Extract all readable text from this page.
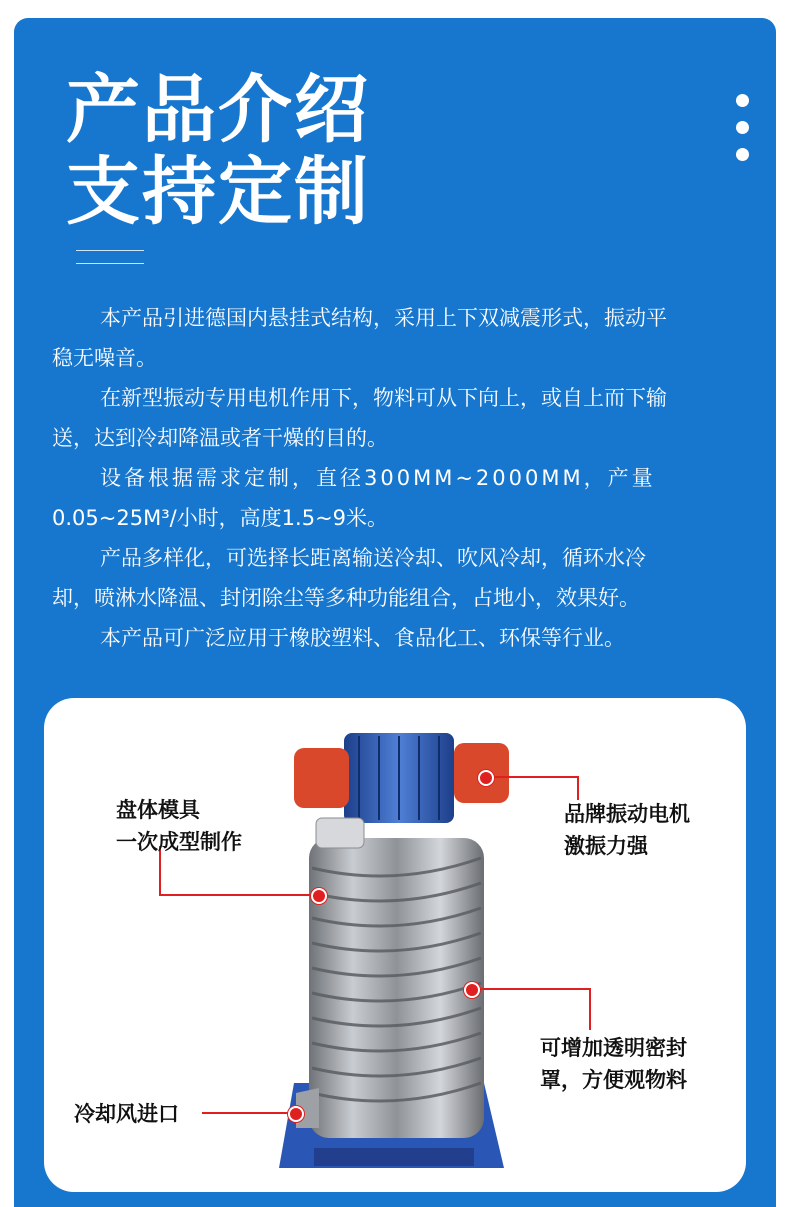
产品介绍
支持定制
本产品引进德国内悬挂式结构，采用上下双减震形式，振动平
稳无噪音。
在新型振动专用电机作用下，物料可从下向上，或自上而下输
送，达到冷却降温或者干燥的目的。
设备根据需求定制，直径300MM~2000MM，产量
0.05~25M³/小时，高度1.5~9米。
产品多样化，可选择长距离输送冷却、吹风冷却，循环水冷
却，喷淋水降温、封闭除尘等多种功能组合，占地小，效果好。
本产品可广泛应用于橡胶塑料、食品化工、环保等行业。
盘体模具
一次成型制作
品牌振动电机
激振力强
可增加透明密封
罩，方便观物料
冷却风进口
